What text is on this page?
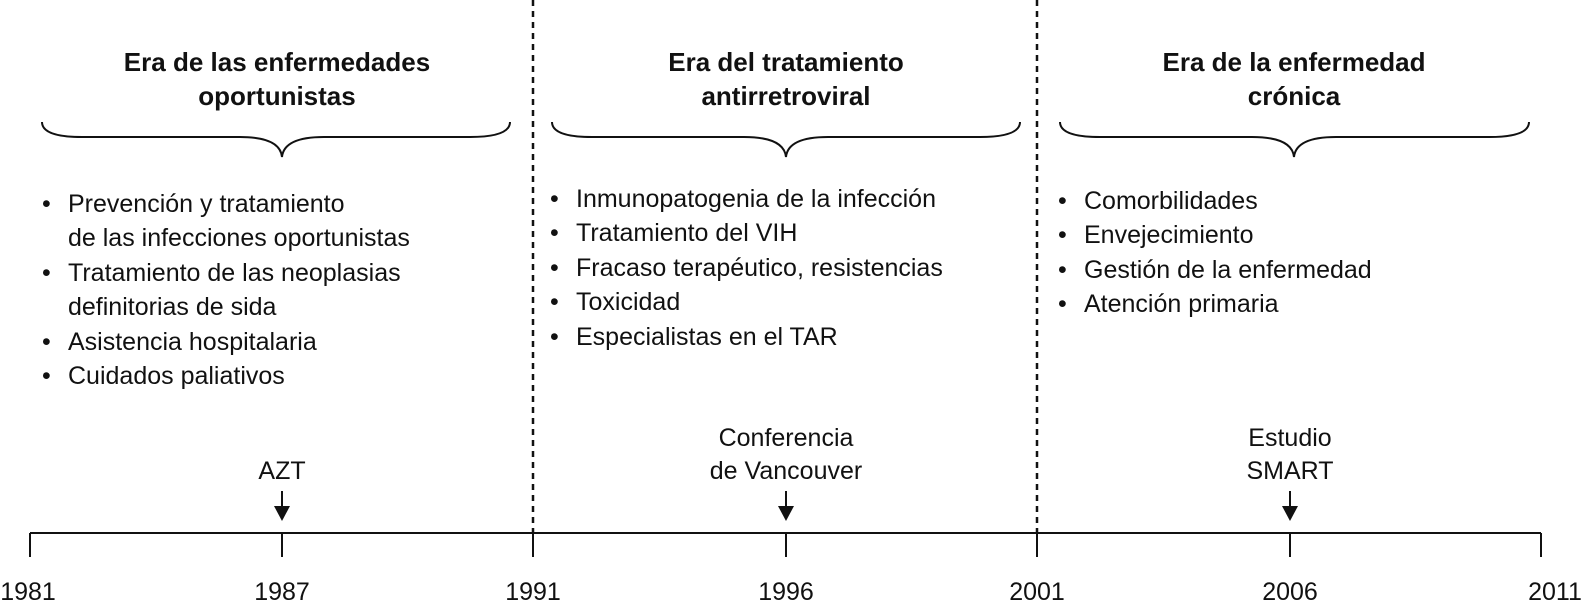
Era de las enfermedades
oportunistas
Era del tratamiento
antirretroviral
Era de la enfermedad
crónica
• Prevención y tratamiento
de las infecciones oportunistas
• Tratamiento de las neoplasias
definitorias de sida
• Asistencia hospitalaria
• Cuidados paliativos
• Inmunopatogenia de la infección
• Tratamiento del VIH
• Fracaso terapéutico, resistencias
• Toxicidad
• Especialistas en el TAR
• Comorbilidades
• Envejecimiento
• Gestión de la enfermedad
• Atención primaria
AZT
Conferencia
de Vancouver
Estudio
SMART
1981	1987	1991	1996	2001	2006	2011
